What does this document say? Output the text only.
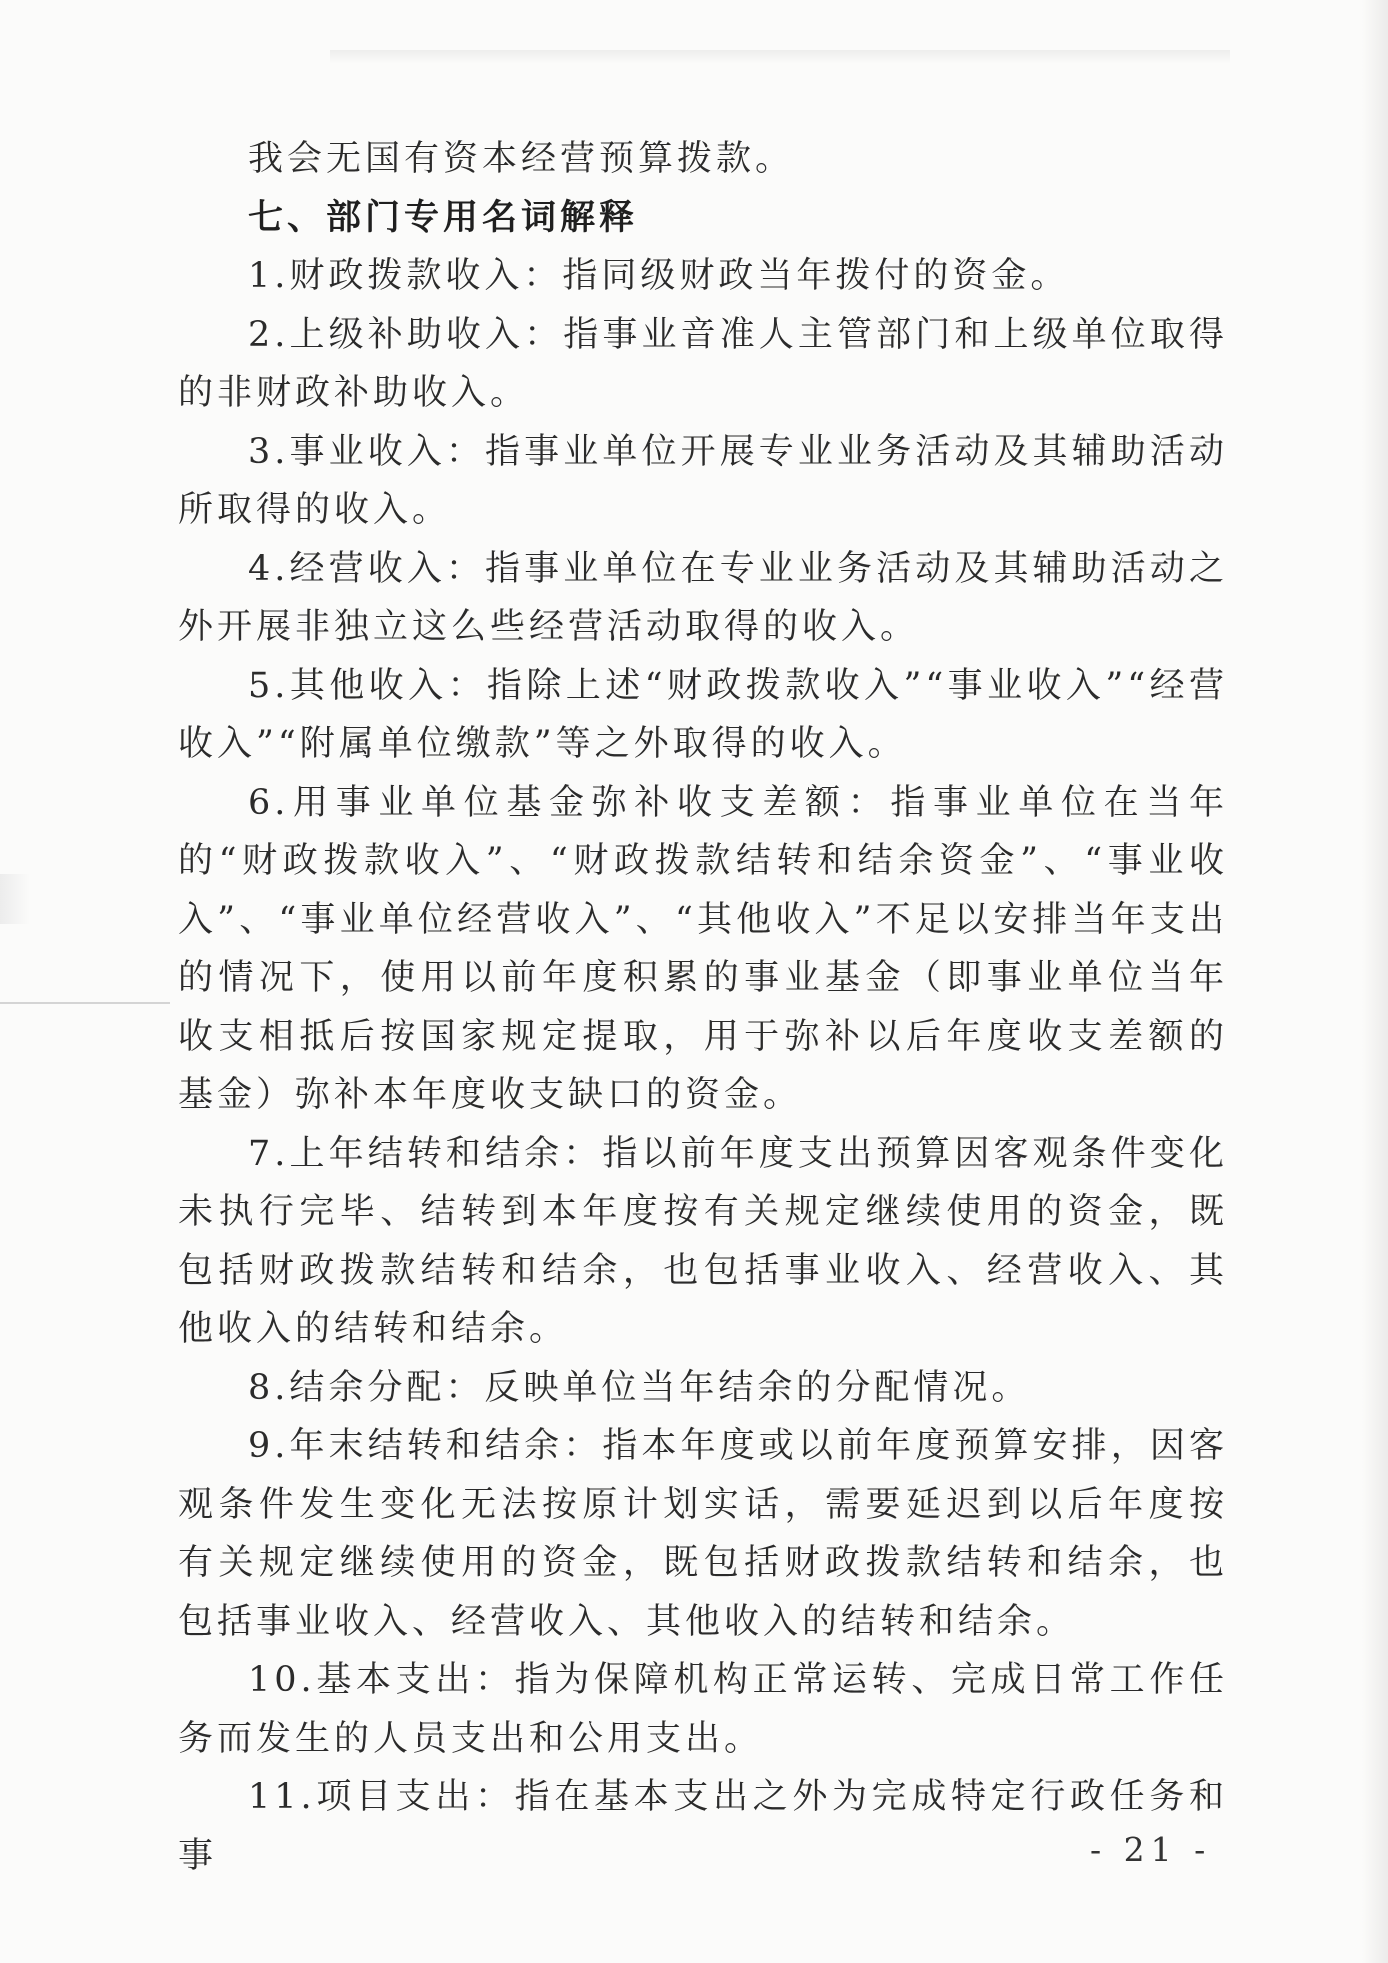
我会无国有资本经营预算拨款。

七、部门专用名词解释

1.财政拨款收入：指同级财政当年拨付的资金。

2.上级补助收入：指事业音准人主管部门和上级单位取得的非财政补助收入。

3.事业收入：指事业单位开展专业业务活动及其辅助活动所取得的收入。

4.经营收入：指事业单位在专业业务活动及其辅助活动之外开展非独立这么些经营活动取得的收入。

5.其他收入：指除上述“财政拨款收入”“事业收入”“经营收入”“附属单位缴款”等之外取得的收入。

6.用事业单位基金弥补收支差额：指事业单位在当年的“财政拨款收入”、“财政拨款结转和结余资金”、“事业收入”、“事业单位经营收入”、“其他收入”不足以安排当年支出的情况下，使用以前年度积累的事业基金（即事业单位当年收支相抵后按国家规定提取，用于弥补以后年度收支差额的基金）弥补本年度收支缺口的资金。

7.上年结转和结余：指以前年度支出预算因客观条件变化未执行完毕、结转到本年度按有关规定继续使用的资金，既包括财政拨款结转和结余，也包括事业收入、经营收入、其他收入的结转和结余。

8.结余分配：反映单位当年结余的分配情况。

9.年末结转和结余：指本年度或以前年度预算安排，因客观条件发生变化无法按原计划实话，需要延迟到以后年度按有关规定继续使用的资金，既包括财政拨款结转和结余，也包括事业收入、经营收入、其他收入的结转和结余。

10.基本支出：指为保障机构正常运转、完成日常工作任务而发生的人员支出和公用支出。

11.项目支出：指在基本支出之外为完成特定行政任务和事	- 21 -
